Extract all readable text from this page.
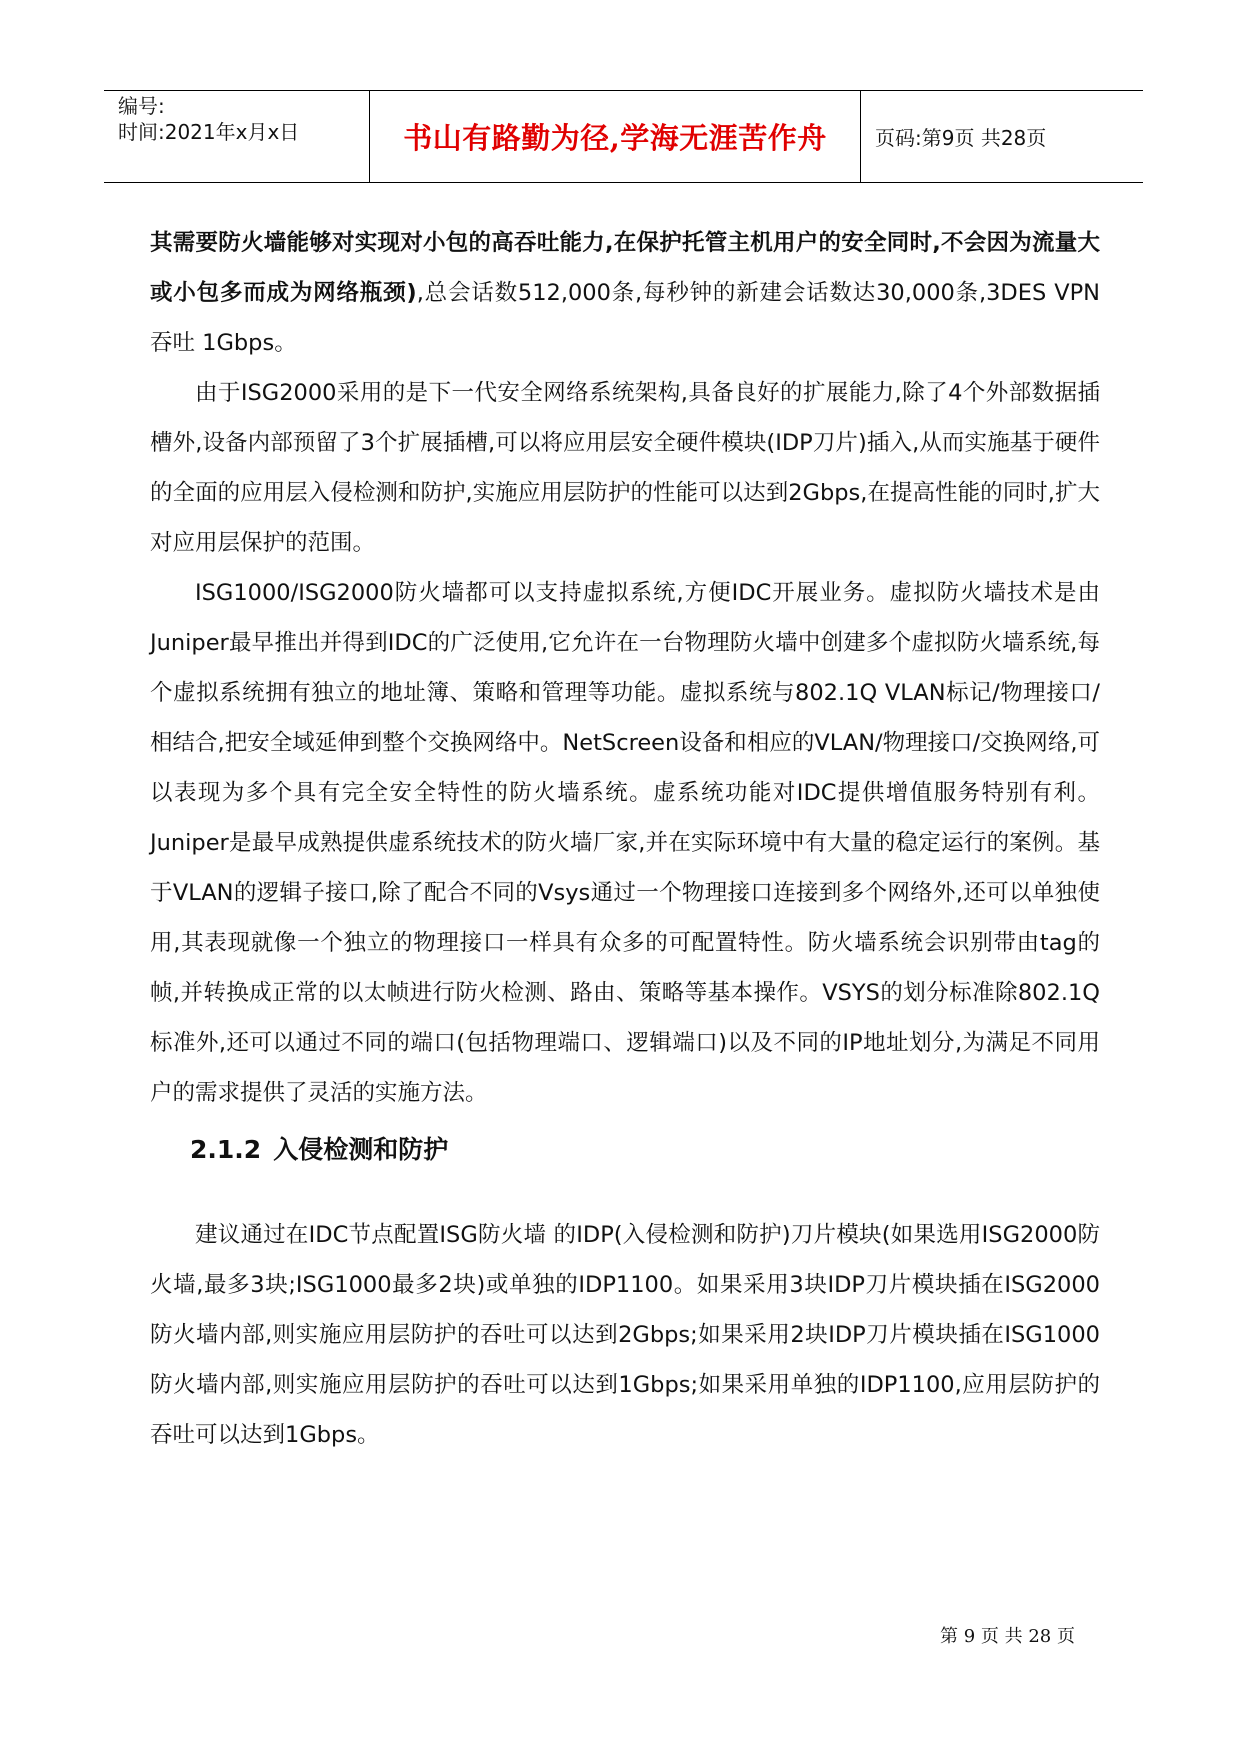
编号:
时间:2021年x月x日	书山有路勤为径,学海无涯苦作舟 页码:第9页 共28页

其需要防火墙能够对实现对小包的高吞吐能力,在保护托管主机用户的安全同时,不会因为流量大或小包多而成为网络瓶颈),总会话数512,000条,每秒钟的新建会话数达30,000条,3DES VPN 吞吐 1Gbps。

由于ISG2000采用的是下一代安全网络系统架构,具备良好的扩展能力,除了4个外部数据插槽外,设备内部预留了3个扩展插槽,可以将应用层安全硬件模块(IDP刀片)插入,从而实施基于硬件的全面的应用层入侵检测和防护,实施应用层防护的性能可以达到2Gbps,在提高性能的同时,扩大对应用层保护的范围。

ISG1000/ISG2000防火墙都可以支持虚拟系统,方便IDC开展业务。虚拟防火墙技术是由Juniper最早推出并得到IDC的广泛使用,它允许在一台物理防火墙中创建多个虚拟防火墙系统,每个虚拟系统拥有独立的地址簿、策略和管理等功能。虚拟系统与802.1Q VLAN标记/物理接口/相结合,把安全域延伸到整个交换网络中。NetScreen设备和相应的VLAN/物理接口/交换网络,可以表现为多个具有完全安全特性的防火墙系统。虚系统功能对IDC提供增值服务特别有利。Juniper是最早成熟提供虚系统技术的防火墙厂家,并在实际环境中有大量的稳定运行的案例。基于VLAN的逻辑子接口,除了配合不同的Vsys通过一个物理接口连接到多个网络外,还可以单独使用,其表现就像一个独立的物理接口一样具有众多的可配置特性。防火墙系统会识别带由tag的帧,并转换成正常的以太帧进行防火检测、路由、策略等基本操作。VSYS的划分标准除802.1Q标准外,还可以通过不同的端口(包括物理端口、逻辑端口)以及不同的IP地址划分,为满足不同用户的需求提供了灵活的实施方法。

2.1.2 入侵检测和防护

建议通过在IDC节点配置ISG防火墙 的IDP(入侵检测和防护)刀片模块(如果选用ISG2000防火墙,最多3块;ISG1000最多2块)或单独的IDP1100。如果采用3块IDP刀片模块插在ISG2000防火墙内部,则实施应用层防护的吞吐可以达到2Gbps;如果采用2块IDP刀片模块插在ISG1000防火墙内部,则实施应用层防护的吞吐可以达到1Gbps;如果采用单独的IDP1100,应用层防护的吞吐可以达到1Gbps。

第 9 页 共 28 页
